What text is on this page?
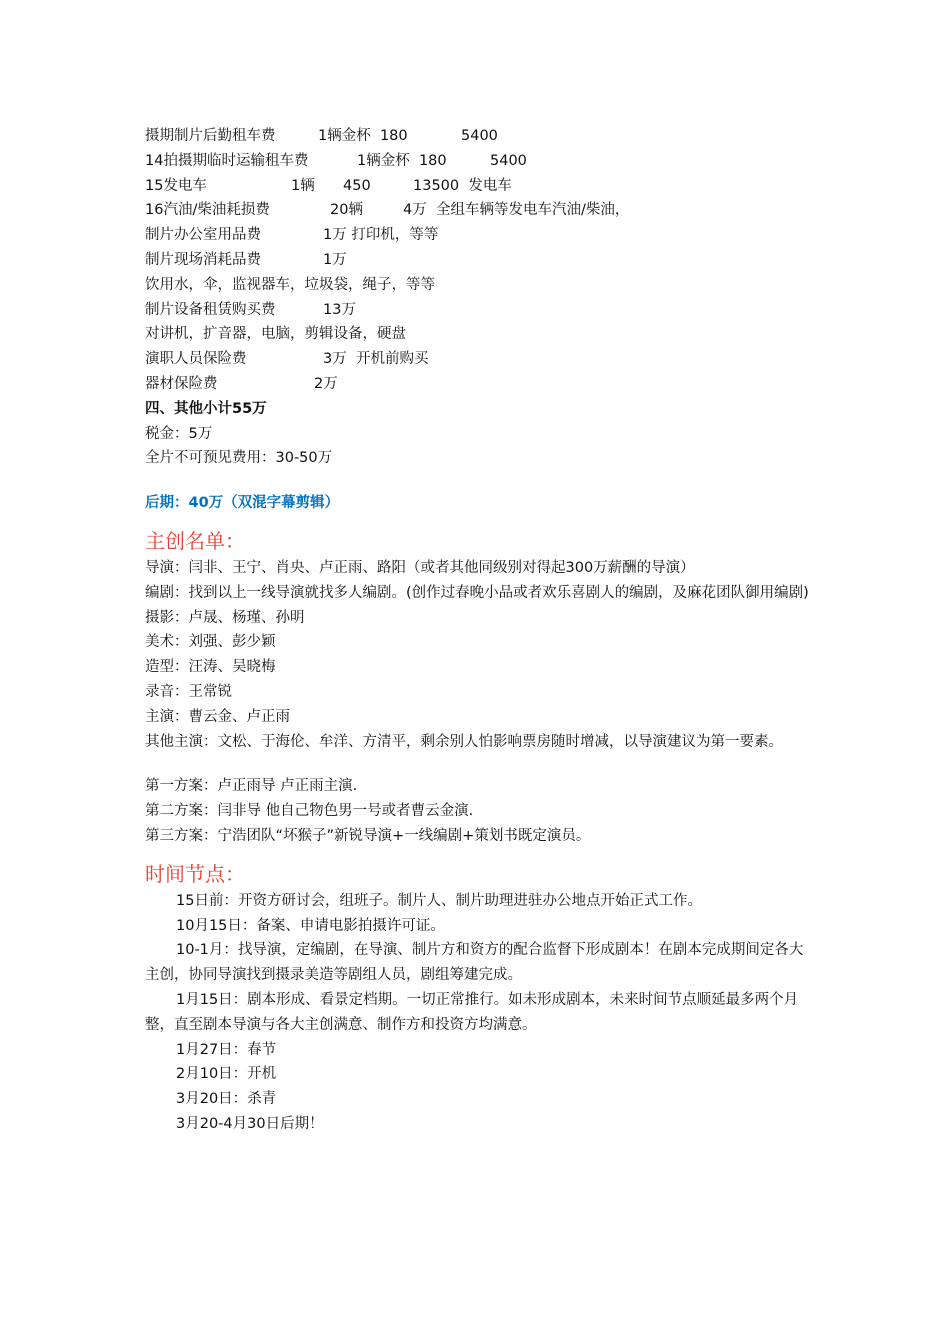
摄期制片后勤租车费	1辆金杯  180	5400
14拍摄期临时运输租车费	1辆金杯  180	5400
15发电车	1辆	450	13500  发电车
16汽油/柴油耗损费	20辆	4万  全组车辆等发电车汽油/柴油，
制片办公室用品费	1万 打印机，等等
制片现场消耗品费	1万
饮用水，伞，监视器车，垃圾袋，绳子，等等
制片设备租赁购买费	13万
对讲机，扩音器，电脑，剪辑设备，硬盘
演职人员保险费	3万  开机前购买
器材保险费	2万
四、其他小计55万
税金：5万
全片不可预见费用：30-50万
后期：40万（双混字幕剪辑）
主创名单：
导演：闫非、王宁、肖央、卢正雨、路阳（或者其他同级别对得起300万薪酬的导演）
编剧：找到以上一线导演就找多人编剧。(创作过春晚小品或者欢乐喜剧人的编剧，及麻花团队御用编剧)
摄影：卢晟、杨瑾、孙明
美术：刘强、彭少颖
造型：汪涛、吴晓梅
录音：王常锐
主演：曹云金、卢正雨
其他主演：文松、于海伦、牟洋、方清平，剩余别人怕影响票房随时增减，以导演建议为第一要素。
第一方案：卢正雨导 卢正雨主演.
第二方案：闫非导 他自己物色男一号或者曹云金演.
第三方案：宁浩团队“坏猴子”新锐导演+一线编剧+策划书既定演员。
时间节点：
15日前：开资方研讨会，组班子。制片人、制片助理进驻办公地点开始正式工作。
10月15日：备案、申请电影拍摄许可证。
10-1月：找导演，定编剧，在导演、制片方和资方的配合监督下形成剧本！在剧本完成期间定各大主创，协同导演找到摄录美造等剧组人员，剧组筹建完成。
1月15日：剧本形成、看景定档期。一切正常推行。如未形成剧本，未来时间节点顺延最多两个月整，直至剧本导演与各大主创满意、制作方和投资方均满意。
1月27日：春节
2月10日：开机
3月20日：杀青
3月20-4月30日后期！
